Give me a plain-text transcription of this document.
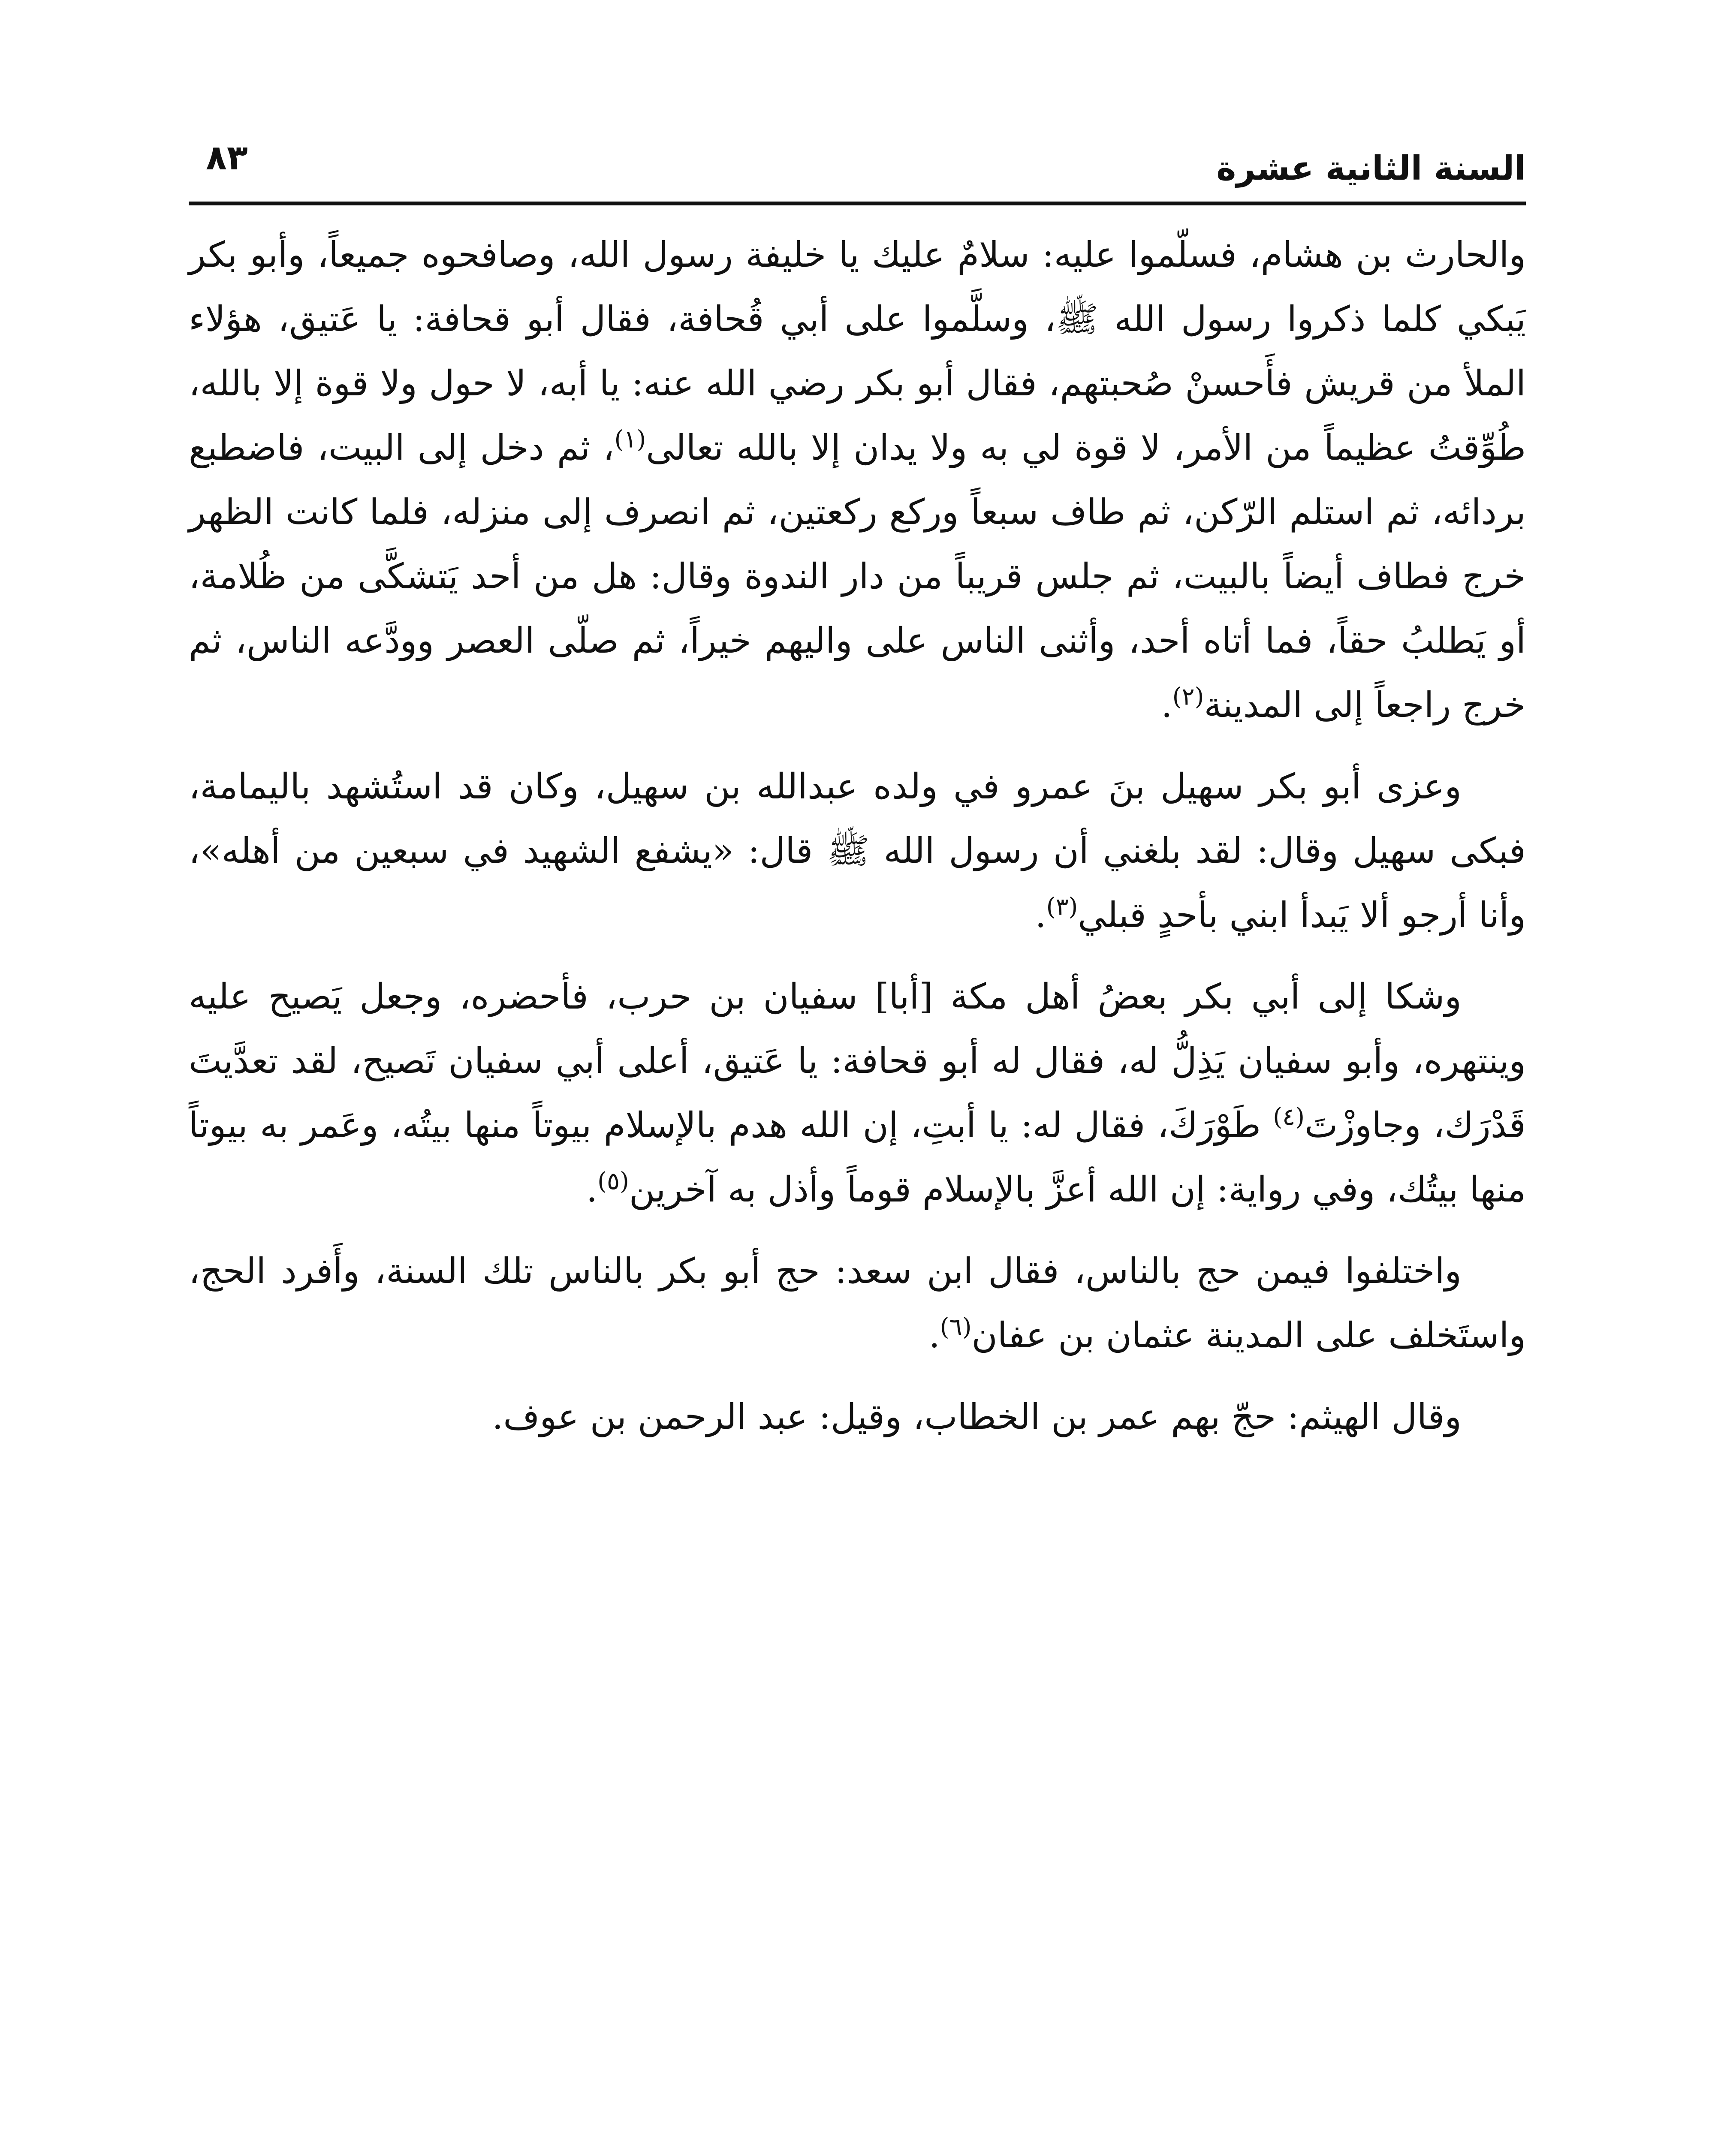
السنة الثانية عشرة
٨٣

والحارث بن هشام، فسلّموا عليه: سلامٌ عليك يا خليفة رسول الله، وصافحوه جميعاً، وأبو بكر يَبكي كلما ذكروا رسول الله ﷺ، وسلَّموا على أبي قُحافة، فقال أبو قحافة: يا عَتيق، هؤلاء الملأ من قريش فأَحسنْ صُحبتهم، فقال أبو بكر رضي الله عنه: يا أبه، لا حول ولا قوة إلا بالله، طُوِّقتُ عظيماً من الأمر، لا قوة لي به ولا يدان إلا بالله تعالى$^{(١)}$، ثم دخل إلى البيت، فاضطبع بردائه، ثم استلم الرّكن، ثم طاف سبعاً وركع ركعتين، ثم انصرف إلى منزله، فلما كانت الظهر خرج فطاف أيضاً بالبيت، ثم جلس قريباً من دار الندوة وقال: هل من أحد يَتشكَّى من ظُلامة، أو يَطلبُ حقاً، فما أتاه أحد، وأثنى الناس على واليهم خيراً، ثم صلّى العصر وودَّعه الناس، ثم خرج راجعاً إلى المدينة$^{(٢)}$.

وعزى أبو بكر سهيل بنَ عمرو في ولده عبدالله بن سهيل، وكان قد استُشهد باليمامة، فبكى سهيل وقال: لقد بلغني أن رسول الله ﷺ قال: «يشفع الشهيد في سبعين من أهله»، وأنا أرجو ألا يَبدأ ابني بأحدٍ قبلي$^{(٣)}$.

وشكا إلى أبي بكر بعضُ أهل مكة [أبا] سفيان بن حرب، فأحضره، وجعل يَصيح عليه وينتهره، وأبو سفيان يَذِلُّ له، فقال له أبو قحافة: يا عَتيق، أعلى أبي سفيان تَصيح، لقد تعدَّيتَ قَدْرَك، وجاوزْتَ$^{(٤)}$ طَوْرَكَ، فقال له: يا أبتِ، إن الله هدم بالإسلام بيوتاً منها بيتُه، وعَمر به بيوتاً منها بيتُك، وفي رواية: إن الله أعزَّ بالإسلام قوماً وأذل به آخرين$^{(٥)}$.

واختلفوا فيمن حج بالناس، فقال ابن سعد: حج أبو بكر بالناس تلك السنة، وأَفرد الحج، واستَخلف على المدينة عثمان بن عفان$^{(٦)}$.

وقال الهيثم: حجّ بهم عمر بن الخطاب، وقيل: عبد الرحمن بن عوف.
